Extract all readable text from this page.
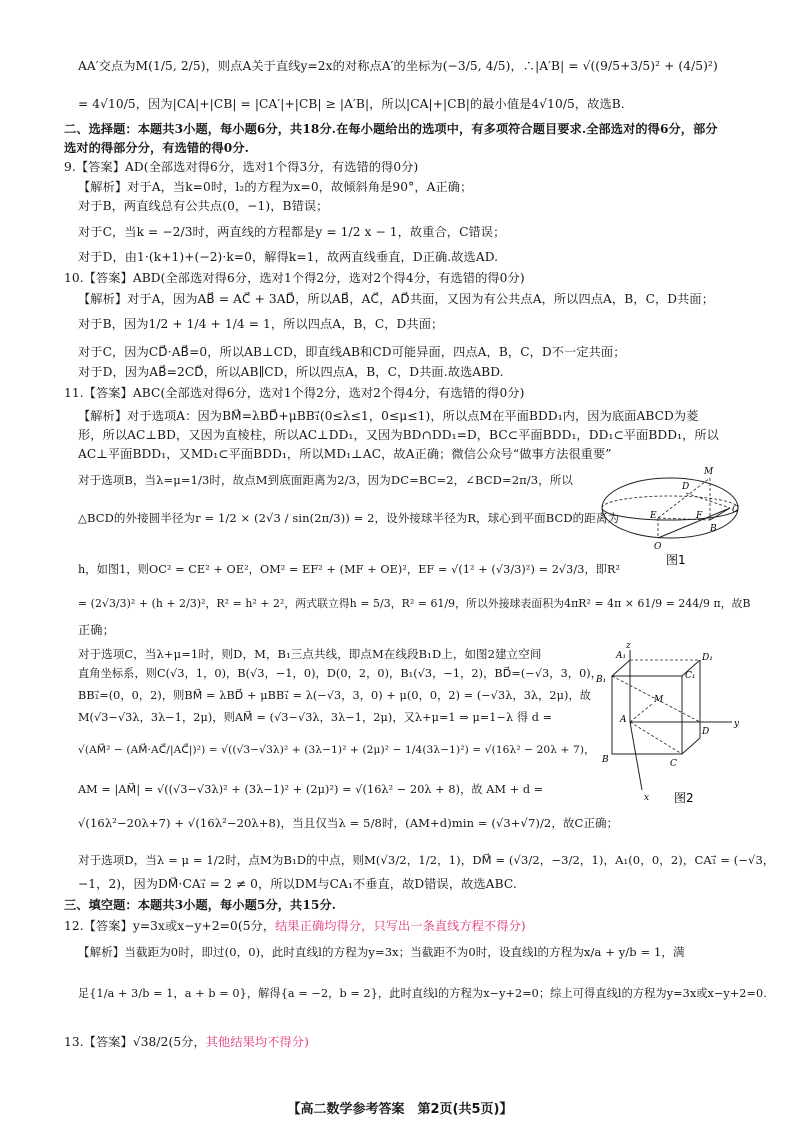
AA′交点为M(1/5, 2/5)，则点A关于直线y=2x的对称点A′的坐标为(−3/5, 4/5)，∴|A′B| = √((9/5+3/5)² + (4/5)²)
= 4√10/5，因为|CA|+|CB| = |CA′|+|CB| ≥ |A′B|，所以|CA|+|CB|的最小值是4√10/5，故选B.
二、选择题：本题共3小题，每小题6分，共18分.在每小题给出的选项中，有多项符合题目要求.全部选对的得6分，部分
选对的得部分分，有选错的得0分.
9.【答案】AD(全部选对得6分，选对1个得3分，有选错的得0分)
【解析】对于A，当k=0时，l₂的方程为x=0，故倾斜角是90°，A正确；
对于B，两直线总有公共点(0，−1)，B错误；
对于C，当k = −2/3时，两直线的方程都是y = 1/2 x − 1，故重合，C错误；
对于D，由1·(k+1)+(−2)·k=0，解得k=1，故两直线垂直，D正确.故选AD.
10.【答案】ABD(全部选对得6分，选对1个得2分，选对2个得4分，有选错的得0分)
【解析】对于A，因为AB⃗ = AC⃗ + 3AD⃗，所以AB⃗，AC⃗，AD⃗共面，又因为有公共点A，所以四点A，B，C，D共面；
对于B，因为1/2 + 1/4 + 1/4 = 1，所以四点A，B，C，D共面；
对于C，因为CD⃗·AB⃗=0，所以AB⊥CD，即直线AB和CD可能异面，四点A，B，C，D不一定共面；
对于D，因为AB⃗=2CD⃗，所以AB∥CD，所以四点A，B，C，D共面.故选ABD.
11.【答案】ABC(全部选对得6分，选对1个得2分，选对2个得4分，有选错的得0分)
【解析】对于选项A：因为BM⃗=λBD⃗+μBB₁⃗(0≤λ≤1，0≤μ≤1)，所以点M在平面BDD₁内，因为底面ABCD为菱
形，所以AC⊥BD，又因为直棱柱，所以AC⊥DD₁，又因为BD∩DD₁=D，BC⊂平面BDD₁，DD₁⊂平面BDD₁，所以
AC⊥平面BDD₁，又MD₁⊂平面BDD₁，所以MD₁⊥AC，故A正确；微信公众号“做事方法很重要”
对于选项B，当λ=μ=1/3时，故点M到底面距离为2/3，因为DC=BC=2，∠BCD=2π/3，所以
△BCD的外接圆半径为r = 1/2 × (2√3 / sin(2π/3)) = 2，设外接球半径为R，球心到平面BCD的距离为
h，如图1，则OC² = CE² + OE²，OM² = EF² + (MF + OE)²，EF = √(1² + (√3/3)²) = 2√3/3，即R²
= (2√3/3)² + (h + 2/3)²，R² = h² + 2²，两式联立得h = 5/3，R² = 61/9，所以外接球表面积为4πR² = 4π × 61/9 = 244/9 π，故B
正确；
对于选项C，当λ+μ=1时，则D，M，B₁三点共线，即点M在线段B₁D上，如图2建立空间
直角坐标系，则C(√3，1，0)，B(√3，−1，0)，D(0，2，0)，B₁(√3，−1，2)，BD⃗=(−√3，3，0)，
BB₁⃗=(0，0，2)，则BM⃗ = λBD⃗ + μBB₁⃗ = λ(−√3，3，0) + μ(0，0，2) = (−√3λ，3λ，2μ)，故
M(√3−√3λ，3λ−1，2μ)，则AM⃗ = (√3−√3λ，3λ−1，2μ)，又λ+μ=1 ⇒ μ=1−λ 得 d =
√(AM⃗² − (AM⃗·AC⃗/|AC⃗|)²) = √((√3−√3λ)² + (3λ−1)² + (2μ)² − 1/4(3λ−1)²) = √(16λ² − 20λ + 7)，
AM = |AM⃗| = √((√3−√3λ)² + (3λ−1)² + (2μ)²) = √(16λ² − 20λ + 8)，故 AM + d =
√(16λ²−20λ+7) + √(16λ²−20λ+8)，当且仅当λ = 5/8时，(AM+d)min = (√3+√7)/2，故C正确；
对于选项D，当λ = μ = 1/2时，点M为B₁D的中点，则M(√3/2，1/2，1)，DM⃗ = (√3/2，−3/2，1)，A₁(0，0，2)，CA₁⃗ = (−√3，
−1，2)，因为DM⃗·CA₁⃗ = 2 ≠ 0，所以DM与CA₁不垂直，故D错误，故选ABC.
三、填空题：本题共3小题，每小题5分，共15分.
12.【答案】y=3x或x−y+2=0(5分，结果正确均得分，只写出一条直线方程不得分)
【解析】当截距为0时，即过(0，0)，此时直线l的方程为y=3x；当截距不为0时，设直线l的方程为x/a + y/b = 1，满
足{1/a + 3/b = 1，a + b = 0}，解得{a = −2，b = 2}，此时直线l的方程为x−y+2=0；综上可得直线l的方程为y=3x或x−y+2=0.
13.【答案】√38/2(5分，其他结果均不得分)
M
D
E	F
C
B
O
图1
z
A₁	D₁
B₁	C₁
M
A
D
y
B	C
x 图2
【高二数学参考答案　第2页(共5页)】
